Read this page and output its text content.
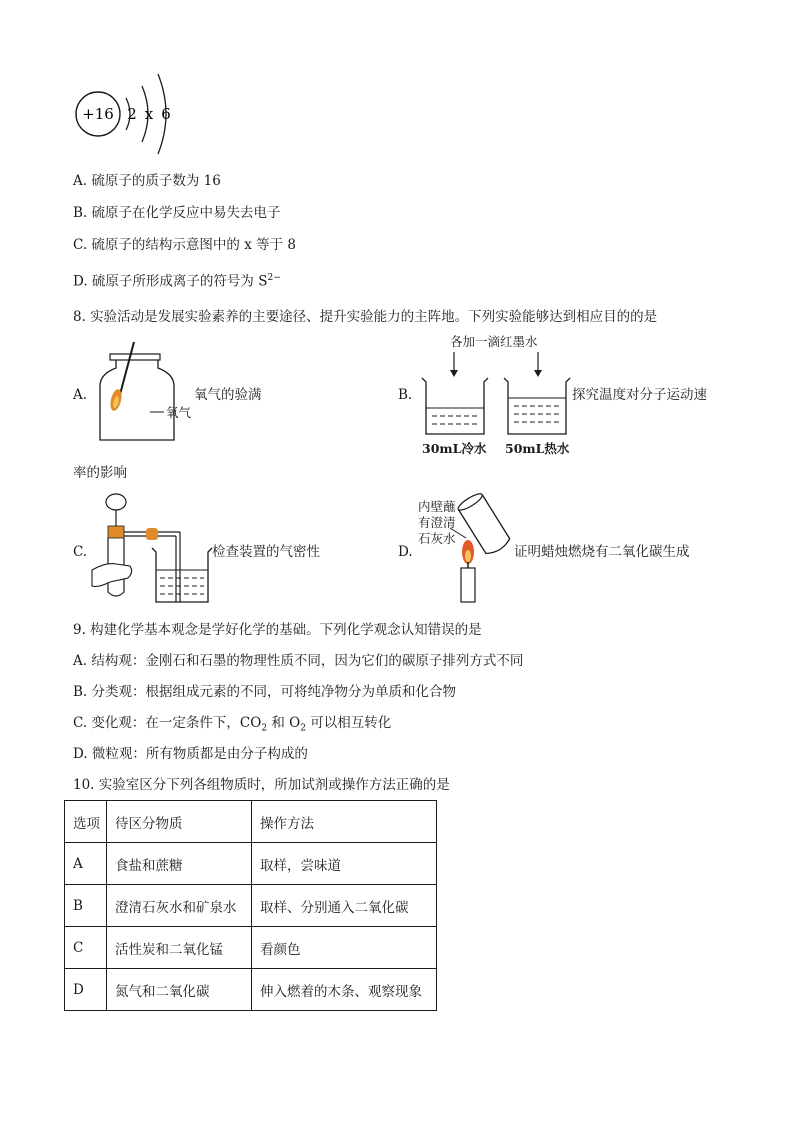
+16 2 x 6
A. 硫原子的质子数为 16
B. 硫原子在化学反应中易失去电子
C. 硫原子的结构示意图中的 x 等于 8
D. 硫原子所形成离子的符号为 $S^{2-}$
8. 实验活动是发展实验素养的主要途径、提升实验能力的主阵地。下列实验能够达到相应目的的是
A.
氧气
氧气的验满	B.
各加一滴红墨水
30mL冷水 50mL热水
探究温度对分子运动速
率的影响
C.	检查装置的气密性	D.
内壁蘸
有澄清
石灰水
证明蜡烛燃烧有二氧化碳生成
9. 构建化学基本观念是学好化学的基础。下列化学观念认知错误的是
A. 结构观：金刚石和石墨的物理性质不同，因为它们的碳原子排列方式不同
B. 分类观：根据组成元素的不同，可将纯净物分为单质和化合物
C. 变化观：在一定条件下，$CO_2$ 和 $O_2$ 可以相互转化
D. 微粒观：所有物质都是由分子构成的
10. 实验室区分下列各组物质时，所加试剂或操作方法正确的是
选项	待区分物质	操作方法
A	食盐和蔗糖	取样，尝味道
B	澄清石灰水和矿泉水	取样、分别通入二氧化碳
C	活性炭和二氧化锰	看颜色
D	氮气和二氧化碳	伸入燃着的木条、观察现象
